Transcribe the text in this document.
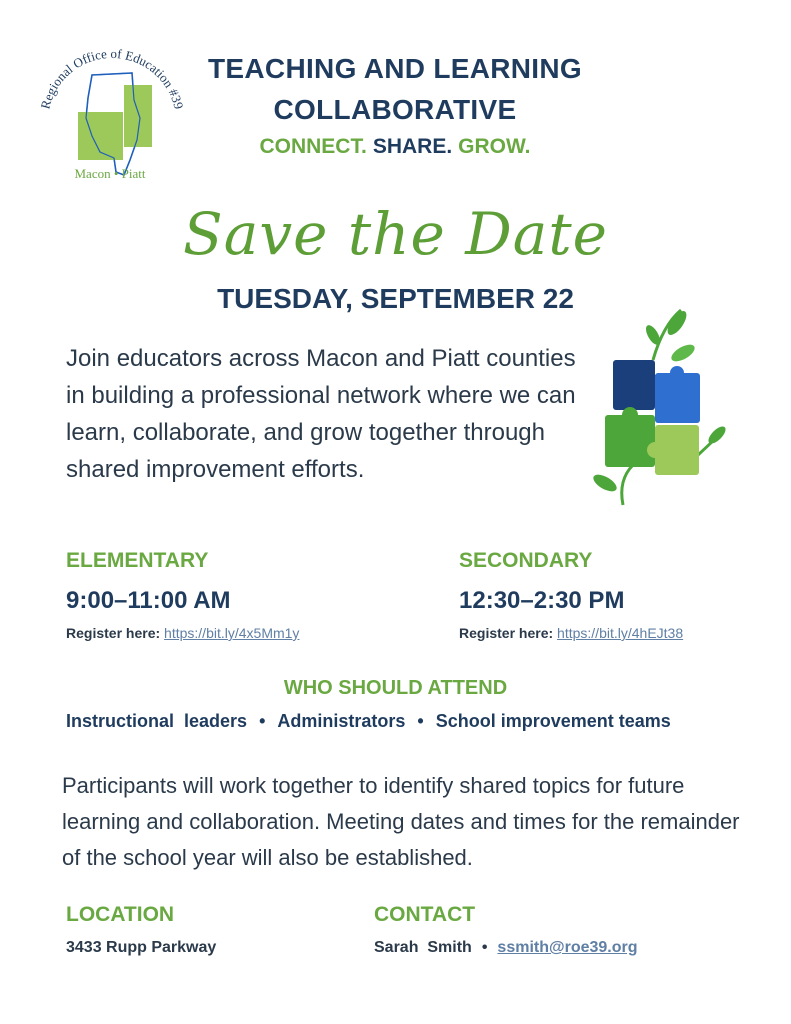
Regional Office of Education #39
Macon • Piatt
TEACHING AND LEARNING
COLLABORATIVE
CONNECT. SHARE. GROW.
Save the Date
TUESDAY, SEPTEMBER 22
Join educators across Macon and Piatt counties in building a professional network where we can learn, collaborate, and grow together through shared improvement efforts.
ELEMENTARY
9:00–11:00 AM
Register here: https://bit.ly/4x5Mm1y
SECONDARY
12:30–2:30 PM
Register here: https://bit.ly/4hEJt38
WHO SHOULD ATTEND
Instructional  leaders • Administrators • School improvement teams
Participants will work together to identify shared topics for future learning and collaboration. Meeting dates and times for the remainder of the school year will also be established.
LOCATION
3433 Rupp Parkway
CONTACT
Sarah  Smith • ssmith@roe39.org
